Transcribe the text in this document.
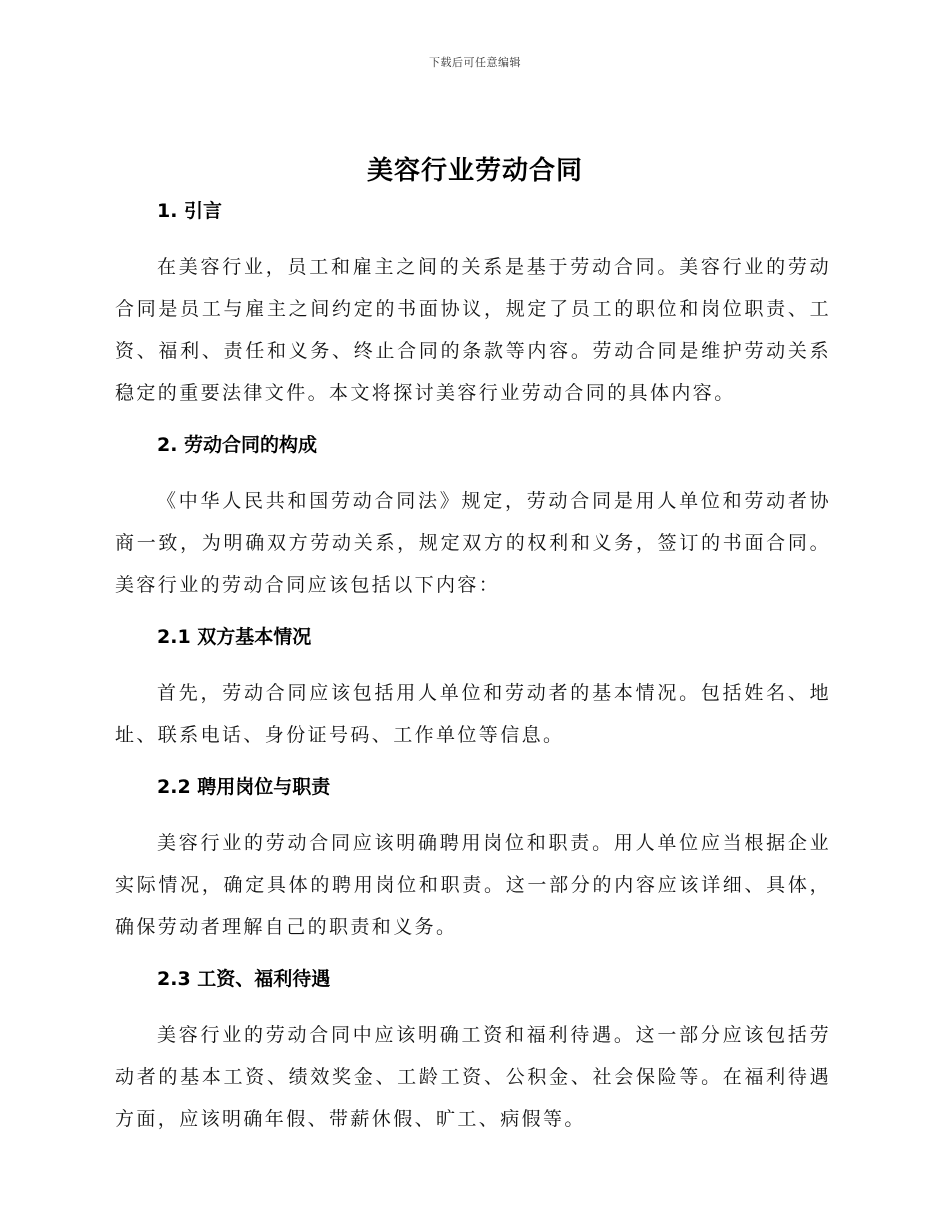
下载后可任意编辑
美容行业劳动合同
1. 引言

在美容行业，员工和雇主之间的关系是基于劳动合同。美容行业的劳动合同是员工与雇主之间约定的书面协议，规定了员工的职位和岗位职责、工资、福利、责任和义务、终止合同的条款等内容。劳动合同是维护劳动关系稳定的重要法律文件。本文将探讨美容行业劳动合同的具体内容。

2. 劳动合同的构成

《中华人民共和国劳动合同法》规定，劳动合同是用人单位和劳动者协商一致，为明确双方劳动关系，规定双方的权利和义务，签订的书面合同。美容行业的劳动合同应该包括以下内容：

2.1 双方基本情况

首先，劳动合同应该包括用人单位和劳动者的基本情况。包括姓名、地址、联系电话、身份证号码、工作单位等信息。

2.2 聘用岗位与职责

美容行业的劳动合同应该明确聘用岗位和职责。用人单位应当根据企业实际情况，确定具体的聘用岗位和职责。这一部分的内容应该详细、具体，确保劳动者理解自己的职责和义务。

2.3 工资、福利待遇

美容行业的劳动合同中应该明确工资和福利待遇。这一部分应该包括劳动者的基本工资、绩效奖金、工龄工资、公积金、社会保险等。在福利待遇方面，应该明确年假、带薪休假、旷工、病假等。
